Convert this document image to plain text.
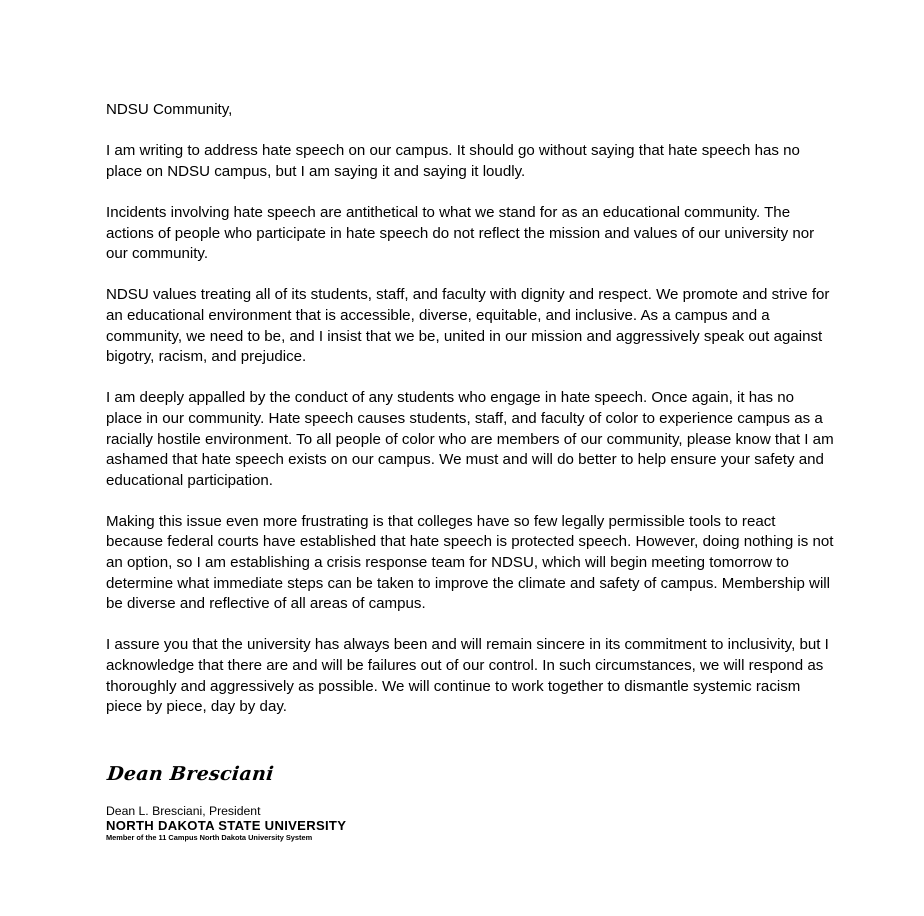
NDSU Community,

I am writing to address hate speech on our campus. It should go without saying that hate speech has no place on NDSU campus, but I am saying it and saying it loudly.

Incidents involving hate speech are antithetical to what we stand for as an educational community. The actions of people who participate in hate speech do not reflect the mission and values of our university nor our community.

NDSU values treating all of its students, staff, and faculty with dignity and respect. We promote and strive for an educational environment that is accessible, diverse, equitable, and inclusive. As a campus and a community, we need to be, and I insist that we be, united in our mission and aggressively speak out against bigotry, racism, and prejudice.

I am deeply appalled by the conduct of any students who engage in hate speech. Once again, it has no place in our community. Hate speech causes students, staff, and faculty of color to experience campus as a racially hostile environment. To all people of color who are members of our community, please know that I am ashamed that hate speech exists on our campus. We must and will do better to help ensure your safety and educational participation.

Making this issue even more frustrating is that colleges have so few legally permissible tools to react because federal courts have established that hate speech is protected speech. However, doing nothing is not an option, so I am establishing a crisis response team for NDSU, which will begin meeting tomorrow to determine what immediate steps can be taken to improve the climate and safety of campus. Membership will be diverse and reflective of all areas of campus.

I assure you that the university has always been and will remain sincere in its commitment to inclusivity, but I acknowledge that there are and will be failures out of our control. In such circumstances, we will respond as thoroughly and aggressively as possible. We will continue to work together to dismantle systemic racism piece by piece, day by day.

Dean Bresciani
Dean L. Bresciani, President
NORTH DAKOTA STATE UNIVERSITY
Member of the 11 Campus North Dakota University System
